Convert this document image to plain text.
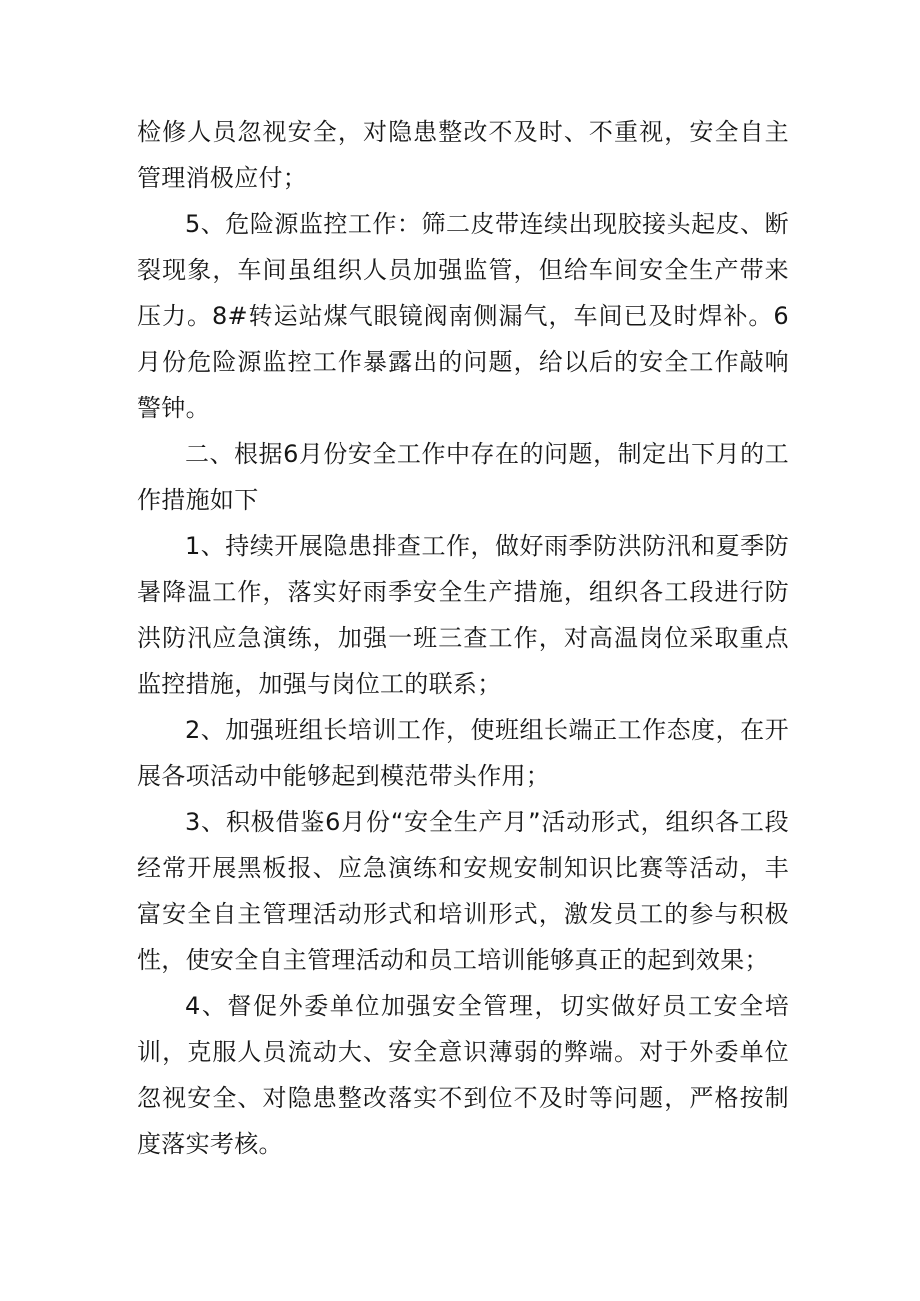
检修人员忽视安全，对隐患整改不及时、不重视，安全自主管理消极应付；

5、危险源监控工作：筛二皮带连续出现胶接头起皮、断裂现象，车间虽组织人员加强监管，但给车间安全生产带来压力。8#转运站煤气眼镜阀南侧漏气，车间已及时焊补。6月份危险源监控工作暴露出的问题，给以后的安全工作敲响警钟。

二、根据6月份安全工作中存在的问题，制定出下月的工作措施如下

1、持续开展隐患排查工作，做好雨季防洪防汛和夏季防暑降温工作，落实好雨季安全生产措施，组织各工段进行防洪防汛应急演练，加强一班三查工作，对高温岗位采取重点监控措施，加强与岗位工的联系；

2、加强班组长培训工作，使班组长端正工作态度，在开展各项活动中能够起到模范带头作用；

3、积极借鉴6月份“安全生产月”活动形式，组织各工段经常开展黑板报、应急演练和安规安制知识比赛等活动，丰富安全自主管理活动形式和培训形式，激发员工的参与积极性，使安全自主管理活动和员工培训能够真正的起到效果；

4、督促外委单位加强安全管理，切实做好员工安全培训，克服人员流动大、安全意识薄弱的弊端。对于外委单位忽视安全、对隐患整改落实不到位不及时等问题，严格按制度落实考核。
